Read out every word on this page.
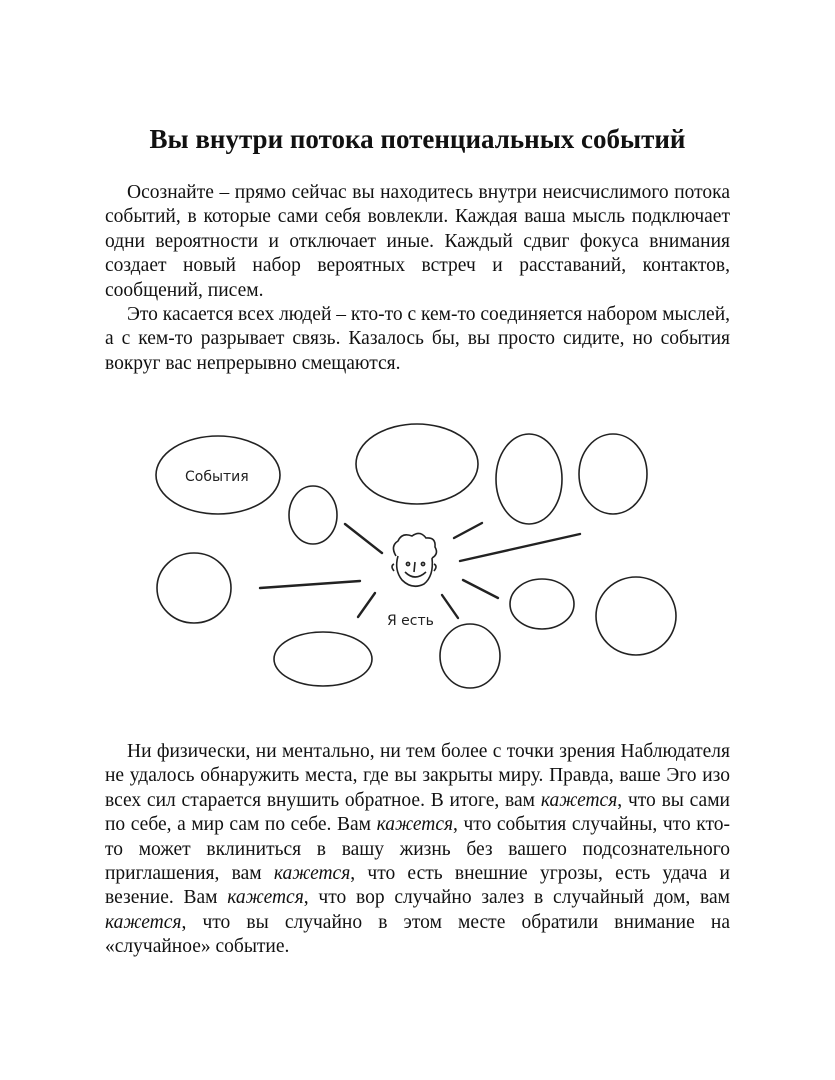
Вы внутри потока потенциальных событий

Осознайте – прямо сейчас вы находитесь внутри неисчислимого потока событий, в которые сами себя вовлекли. Каждая ваша мысль подключает одни вероятности и отключает иные. Каждый сдвиг фокуса внимания создает новый набор вероятных встреч и расставаний, контактов, сообщений, писем.

Это касается всех людей – кто-то с кем-то соединяется набором мыслей, а с кем-то разрывает связь. Казалось бы, вы просто сидите, но события вокруг вас непрерывно смещаются.

События
Я есть

Ни физически, ни ментально, ни тем более с точки зрения Наблюдателя не удалось обнаружить места, где вы закрыты миру. Правда, ваше Эго изо всех сил старается внушить обратное. В итоге, вам кажется, что вы сами по себе, а мир сам по себе. Вам кажется, что события случайны, что кто-то может вклиниться в вашу жизнь без вашего подсознательного приглашения, вам кажется, что есть внешние угрозы, есть удача и везение. Вам кажется, что вор случайно залез в случайный дом, вам кажется, что вы случайно в этом месте обратили внимание на «случайное» событие.
